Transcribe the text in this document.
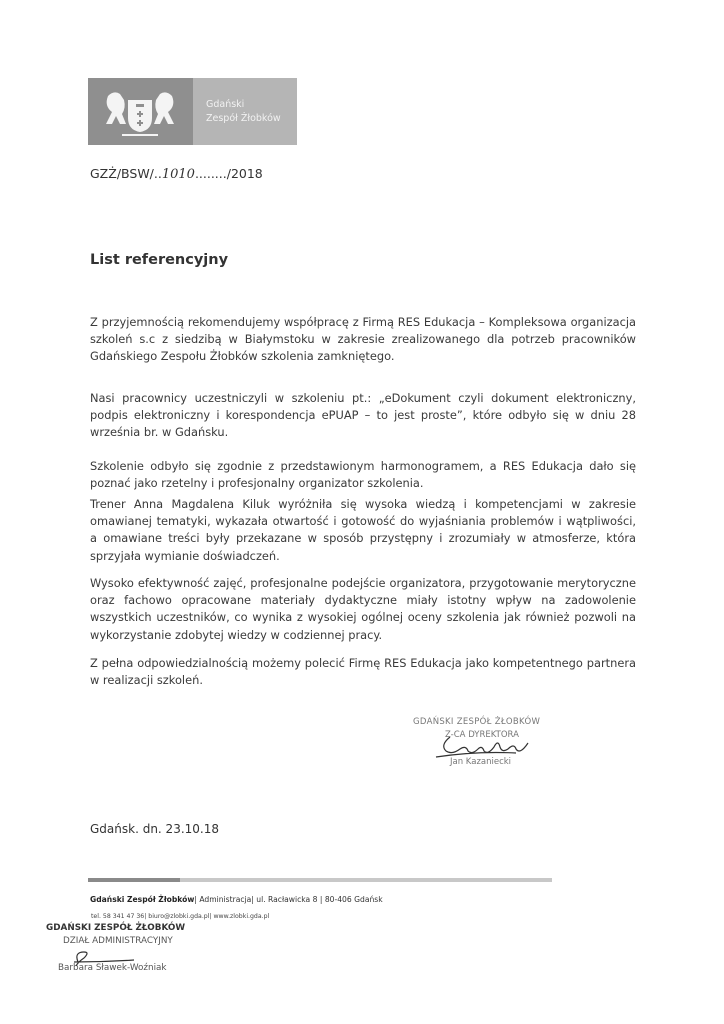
Gdański
Zespół Żłobków
GZŻ/BSW/..1010......../2018
List referencyjny
Z przyjemnością rekomendujemy współpracę z Firmą RES Edukacja – Kompleksowa organizacja szkoleń s.c z siedzibą w Białymstoku w zakresie zrealizowanego dla potrzeb pracowników Gdańskiego Zespołu Żłobków szkolenia zamkniętego.
Nasi pracownicy uczestniczyli w szkoleniu pt.: „eDokument czyli dokument elektroniczny, podpis elektroniczny i korespondencja ePUAP – to jest proste”, które odbyło się w dniu 28 września br. w Gdańsku.
Szkolenie odbyło się zgodnie z przedstawionym harmonogramem, a RES Edukacja dało się poznać jako rzetelny i profesjonalny organizator szkolenia.
Trener Anna Magdalena Kiluk wyróżniła się wysoka wiedzą i kompetencjami w zakresie omawianej tematyki, wykazała otwartość i gotowość do wyjaśniania problemów i wątpliwości, a omawiane treści były przekazane w sposób przystępny i zrozumiały w atmosferze, która sprzyjała wymianie doświadczeń.
Wysoko efektywność zajęć, profesjonalne podejście organizatora, przygotowanie merytoryczne oraz fachowo opracowane materiały dydaktyczne miały istotny wpływ na zadowolenie wszystkich uczestników, co wynika z wysokiej ogólnej oceny szkolenia jak również pozwoli na wykorzystanie zdobytej wiedzy w codziennej pracy.
Z pełna odpowiedzialnością możemy polecić Firmę RES Edukacja jako kompetentnego partnera w realizacji szkoleń.
GDAŃSKI ZESPÓŁ ŻŁOBKÓW
Z-CA DYREKTORA
Jan Kazaniecki
Gdańsk. dn. 23.10.18
Gdański Zespół Żłobków| Administracja| ul. Racławicka 8 | 80-406 Gdańsk
tel. 58 341 47 36| biuro@zlobki.gda.pl| www.zlobki.gda.pl
GDAŃSKI ZESPÓŁ ŻŁOBKÓW
DZIAŁ ADMINISTRACYJNY
Barbara Sławek-Woźniak
